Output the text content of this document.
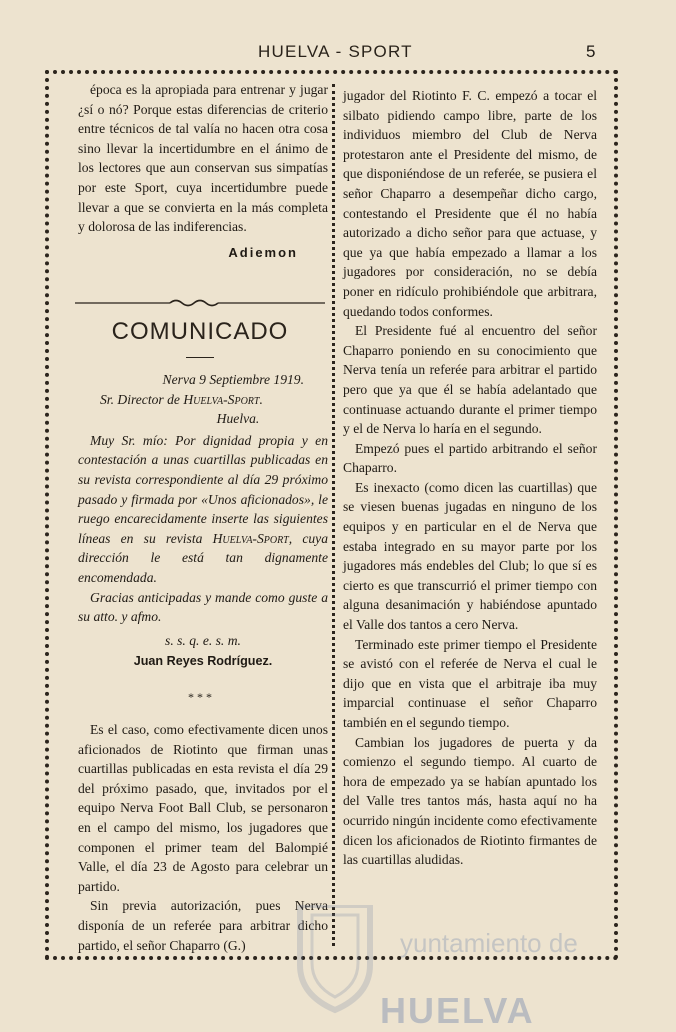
HUELVA - SPORT	5

época es la apropiada para entrenar y jugar ¿sí o nó? Porque estas diferencias de criterio entre técnicos de tal valía no hacen otra cosa sino llevar la incertidumbre en el ánimo de los lectores que aun conservan sus simpatías por este Sport, cuya incertidumbre puede llevar a que se convierta en la más completa y dolorosa de las indiferencias.

Adiemon

COMUNICADO

Nerva 9 Septiembre 1919.

Sr. Director de Huelva-Sport.

Huelva.

Muy Sr. mío: Por dignidad propia y en contestación a unas cuartillas publicadas en su revista correspondiente al día 29 próximo pasado y firmada por «Unos aficionados», le ruego encarecidamente inserte las siguientes líneas en su revista Huelva-Sport, cuya dirección le está tan dignamente encomendada.

Gracias anticipadas y mande como guste a su atto. y afmo.

s. s. q. e. s. m.

Juan Reyes Rodríguez.

* * *

Es el caso, como efectivamente dicen unos aficionados de Riotinto que firman unas cuartillas publicadas en esta revista el día 29 del próximo pasado, que, invitados por el equipo Nerva Foot Ball Club, se personaron en el campo del mismo, los jugadores que componen el primer team del Balompié Valle, el día 23 de Agosto para celebrar un partido.

Sin previa autorización, pues Nerva disponía de un referée para arbitrar dicho partido, el señor Chaparro (G.)

jugador del Riotinto F. C. empezó a tocar el silbato pidiendo campo libre, parte de los individuos miembro del Club de Nerva protestaron ante el Presidente del mismo, de que disponiéndose de un referée, se pusiera el señor Chaparro a desempeñar dicho cargo, contestando el Presidente que él no había autorizado a dicho señor para que actuase, y que ya que había empezado a llamar a los jugadores por consideración, no se debía poner en ridículo prohibiéndole que arbitrara, quedando todos conformes.

El Presidente fué al encuentro del señor Chaparro poniendo en su conocimiento que Nerva tenía un referée para arbitrar el partido pero que ya que él se había adelantado que continuase actuando durante el primer tiempo y el de Nerva lo haría en el segundo.

Empezó pues el partido arbitrando el señor Chaparro.

Es inexacto (como dicen las cuartillas) que se viesen buenas jugadas en ninguno de los equipos y en particular en el de Nerva que estaba integrado en su mayor parte por los jugadores más endebles del Club; lo que sí es cierto es que transcurrió el primer tiempo con alguna desanimación y habiéndose apuntado el Valle dos tantos a cero Nerva.

Terminado este primer tiempo el Presidente se avistó con el referée de Nerva el cual le dijo que en vista que el arbitraje iba muy imparcial continuase el señor Chaparro también en el segundo tiempo.

Cambian los jugadores de puerta y da comienzo el segundo tiempo. Al cuarto de hora de empezado ya se habían apuntado los del Valle tres tantos más, hasta aquí no ha ocurrido ningún incidente como efectivamente dicen los aficionados de Riotinto firmantes de las cuartillas aludidas.

yuntamiento de
HUELVA
